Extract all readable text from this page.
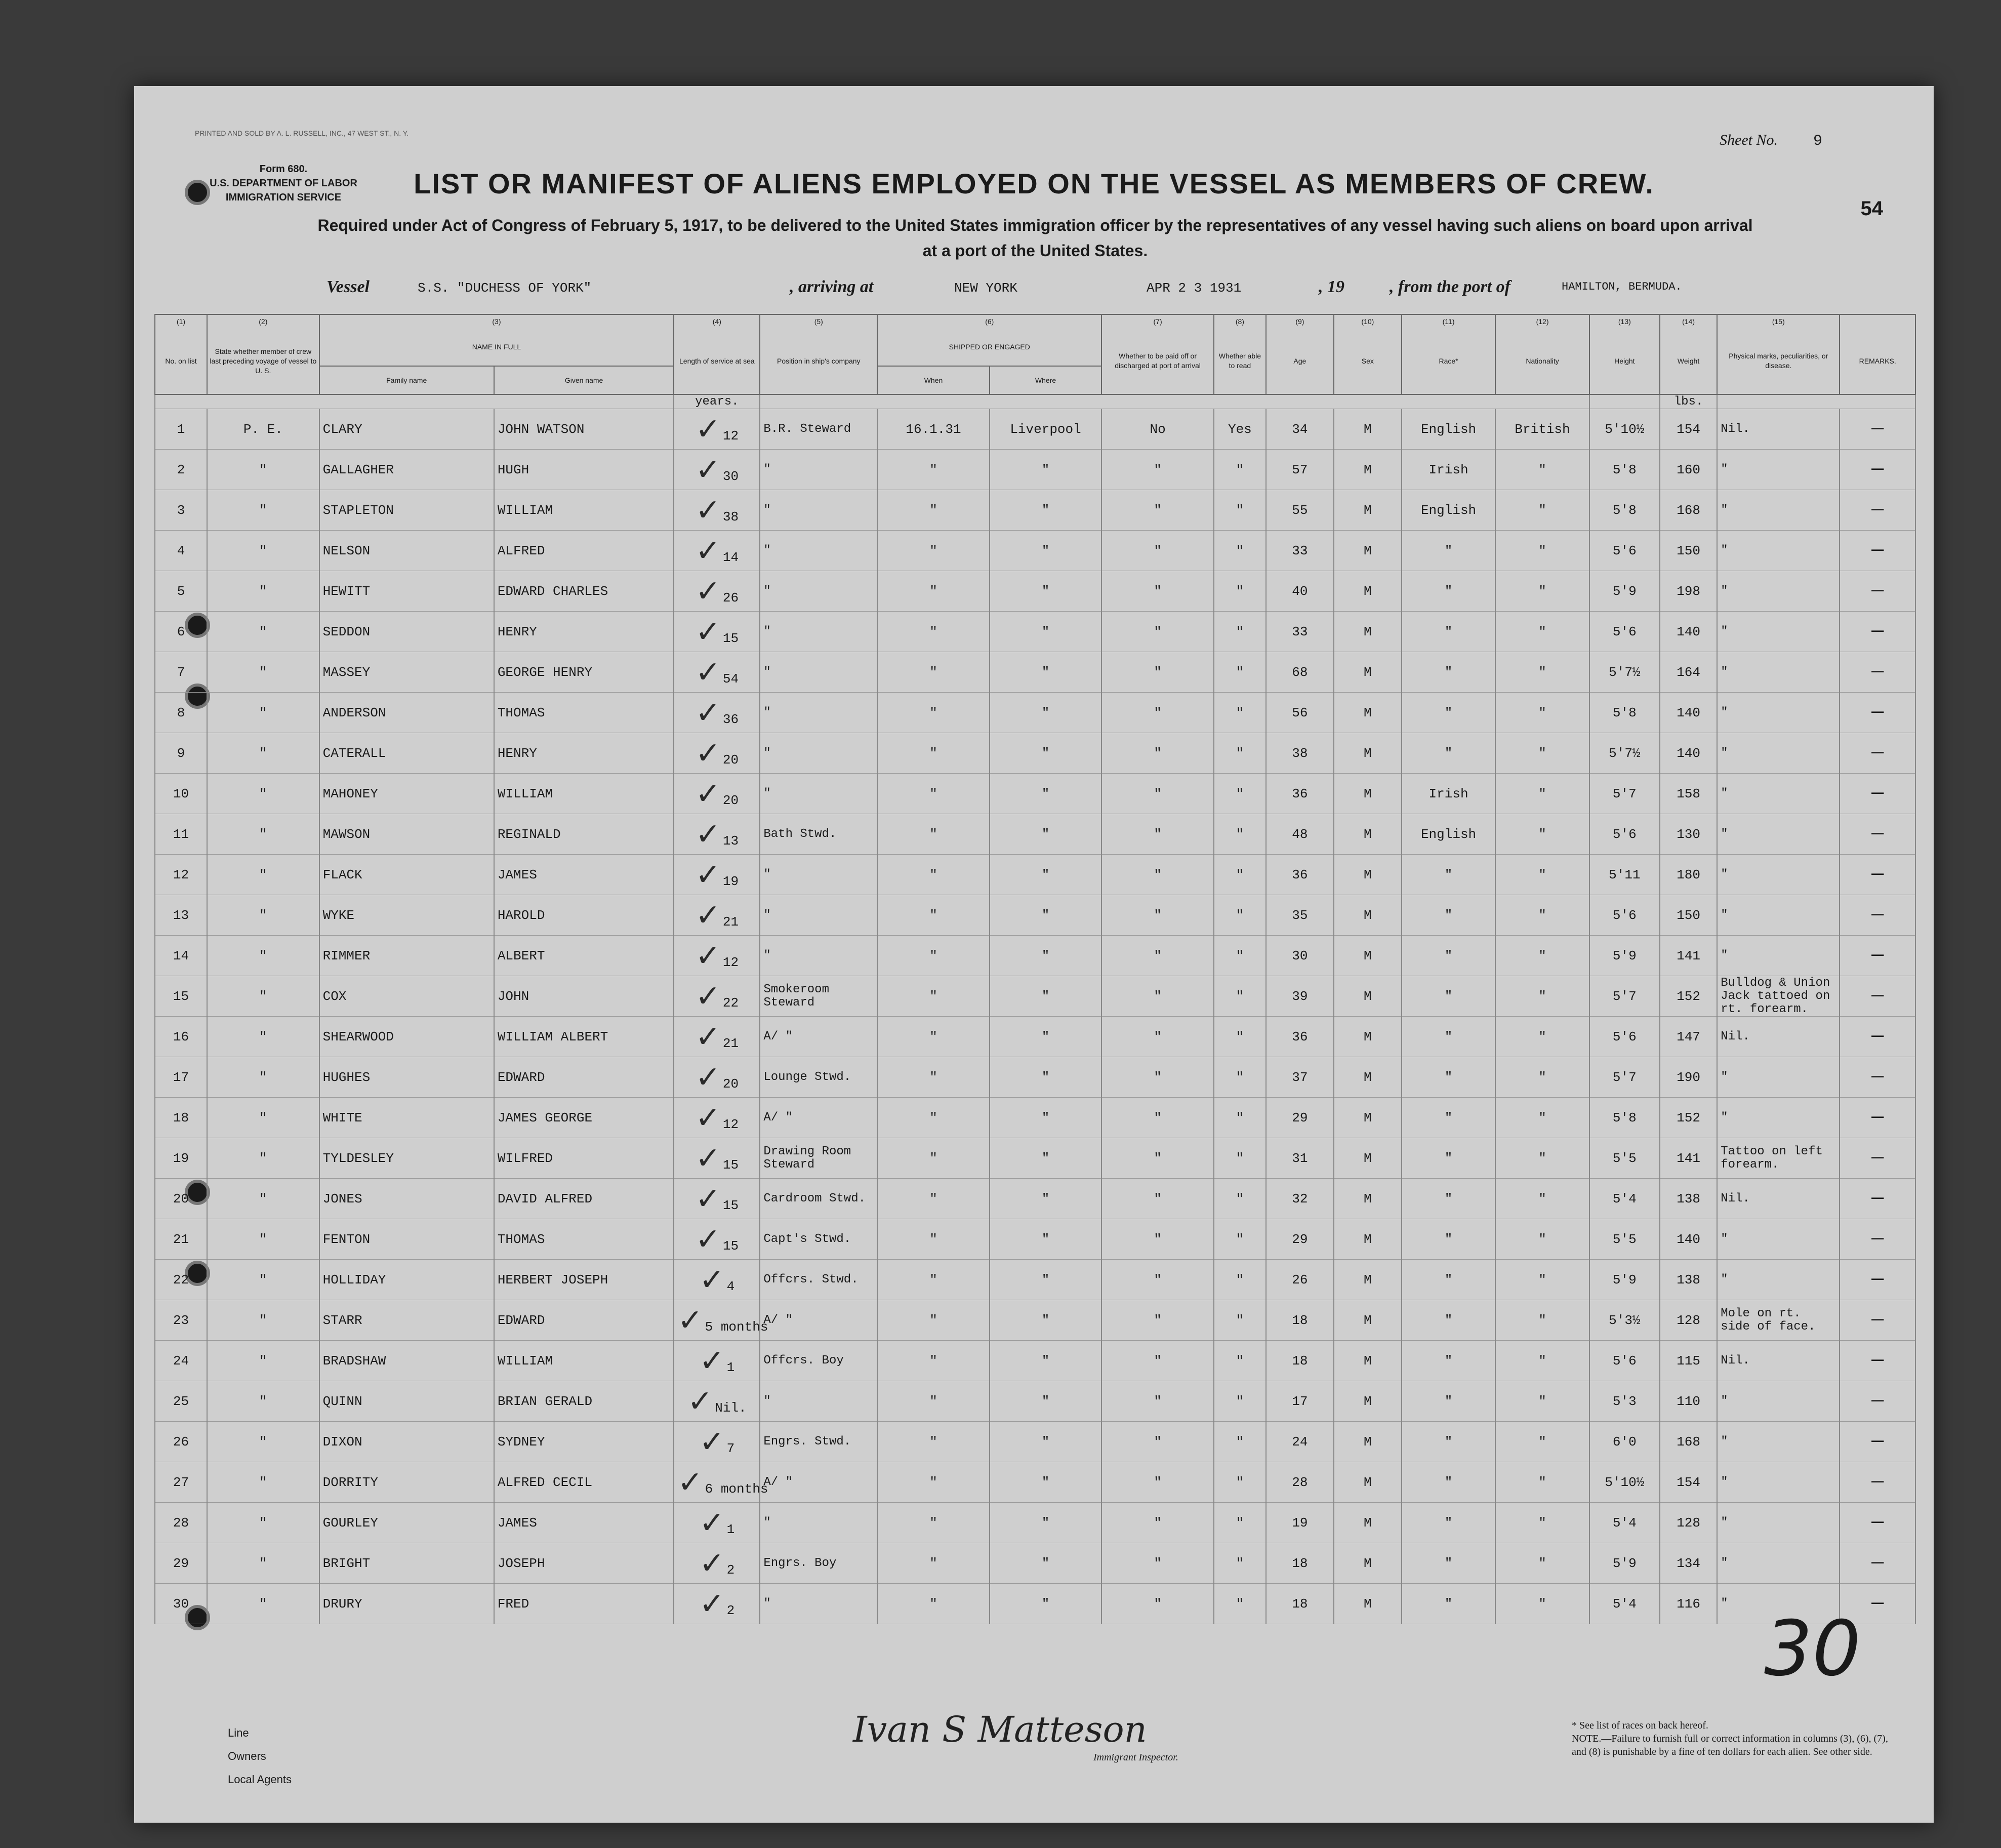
PRINTED AND SOLD BY A. L. RUSSELL, INC., 47 WEST ST., N. Y.
Form 680.
U.S. DEPARTMENT OF LABOR
IMMIGRATION SERVICE
Sheet No. 9
54
LIST OR MANIFEST OF ALIENS EMPLOYED ON THE VESSEL AS MEMBERS OF CREW.
Required under Act of Congress of February 5, 1917, to be delivered to the United States immigration officer by the representatives of any vessel having such aliens on board upon arrival at a port of the United States.
Vessel	S.S. "DUCHESS OF YORK"	, arriving at	NEW YORK	APR 2 3 1931	, 19	, from the port of	HAMILTON, BERMUDA.
(1)	(2)	(3)		(4)	(5)	(6)		(7)	(8)	(9)	(10)	(11)	(12)	(13)	(14)	(15)	
No. on list	State whether member of crew last preceding voyage of vessel to U. S.	NAME IN FULL		Length of service at sea	Position in ship's company	SHIPPED OR ENGAGED		Whether to be paid off or discharged at port of arrival	Whether able to read	Age	Sex	Race*	Nationality	Height	Weight	Physical marks, peculiarities, or disease.	REMARKS.
		Family name	Given name			When	Where										
				years.											lbs.		
1	P. E.	CLARY	JOHN WATSON	✓ 12	B.R. Steward	16.1.31	Liverpool	No	Yes	34	M	English	British	5'10½	154	Nil.	—
2	"	GALLAGHER	HUGH	✓ 30	"	"	"	"	"	57	M	Irish	"	5'8	160	"	—
3	"	STAPLETON	WILLIAM	✓ 38	"	"	"	"	"	55	M	English	"	5'8	168	"	—
4	"	NELSON	ALFRED	✓ 14	"	"	"	"	"	33	M	"	"	5'6	150	"	—
5	"	HEWITT	EDWARD CHARLES	✓ 26	"	"	"	"	"	40	M	"	"	5'9	198	"	—
6	"	SEDDON	HENRY	✓ 15	"	"	"	"	"	33	M	"	"	5'6	140	"	—
7	"	MASSEY	GEORGE HENRY	✓ 54	"	"	"	"	"	68	M	"	"	5'7½	164	"	—
8	"	ANDERSON	THOMAS	✓ 36	"	"	"	"	"	56	M	"	"	5'8	140	"	—
9	"	CATERALL	HENRY	✓ 20	"	"	"	"	"	38	M	"	"	5'7½	140	"	—
10	"	MAHONEY	WILLIAM	✓ 20	"	"	"	"	"	36	M	Irish	"	5'7	158	"	—
11	"	MAWSON	REGINALD	✓ 13	Bath Stwd.	"	"	"	"	48	M	English	"	5'6	130	"	—
12	"	FLACK	JAMES	✓ 19	"	"	"	"	"	36	M	"	"	5'11	180	"	—
13	"	WYKE	HAROLD	✓ 21	"	"	"	"	"	35	M	"	"	5'6	150	"	—
14	"	RIMMER	ALBERT	✓ 12	"	"	"	"	"	30	M	"	"	5'9	141	"	—
15	"	COX	JOHN	✓ 22	Smokeroom Steward	"	"	"	"	39	M	"	"	5'7	152	Bulldog & Union Jack tattoed on rt. forearm.	—
16	"	SHEARWOOD	WILLIAM ALBERT	✓ 21	A/ "	"	"	"	"	36	M	"	"	5'6	147	Nil.	—
17	"	HUGHES	EDWARD	✓ 20	Lounge Stwd.	"	"	"	"	37	M	"	"	5'7	190	"	—
18	"	WHITE	JAMES GEORGE	✓ 12	A/ "	"	"	"	"	29	M	"	"	5'8	152	"	—
19	"	TYLDESLEY	WILFRED	✓ 15	Drawing Room Steward	"	"	"	"	31	M	"	"	5'5	141	Tattoo on left forearm.	—
20	"	JONES	DAVID ALFRED	✓ 15	Cardroom Stwd.	"	"	"	"	32	M	"	"	5'4	138	Nil.	—
21	"	FENTON	THOMAS	✓ 15	Capt's Stwd.	"	"	"	"	29	M	"	"	5'5	140	"	—
22	"	HOLLIDAY	HERBERT JOSEPH	✓ 4	Offcrs. Stwd.	"	"	"	"	26	M	"	"	5'9	138	"	—
23	"	STARR	EDWARD	✓ 5 months	A/ "	"	"	"	"	18	M	"	"	5'3½	128	Mole on rt. side of face.	—
24	"	BRADSHAW	WILLIAM	✓ 1	Offcrs. Boy	"	"	"	"	18	M	"	"	5'6	115	Nil.	—
25	"	QUINN	BRIAN GERALD	✓ Nil.	"	"	"	"	"	17	M	"	"	5'3	110	"	—
26	"	DIXON	SYDNEY	✓ 7	Engrs. Stwd.	"	"	"	"	24	M	"	"	6'0	168	"	—
27	"	DORRITY	ALFRED CECIL	✓ 6 months	A/ "	"	"	"	"	28	M	"	"	5'10½	154	"	—
28	"	GOURLEY	JAMES	✓ 1	"	"	"	"	"	19	M	"	"	5'4	128	"	—
29	"	BRIGHT	JOSEPH	✓ 2	Engrs. Boy	"	"	"	"	18	M	"	"	5'9	134	"	—
30	"	DRURY	FRED	✓ 2	"	"	"	"	"	18	M	"	"	5'4	116	"	—
Line
Owners
Local Agents
Ivan S Matteson
Immigrant Inspector.
30
* See list of races on back hereof.
NOTE.—Failure to furnish full or correct information in columns (3), (6), (7), and (8) is punishable by a fine of ten dollars for each alien. See other side.
